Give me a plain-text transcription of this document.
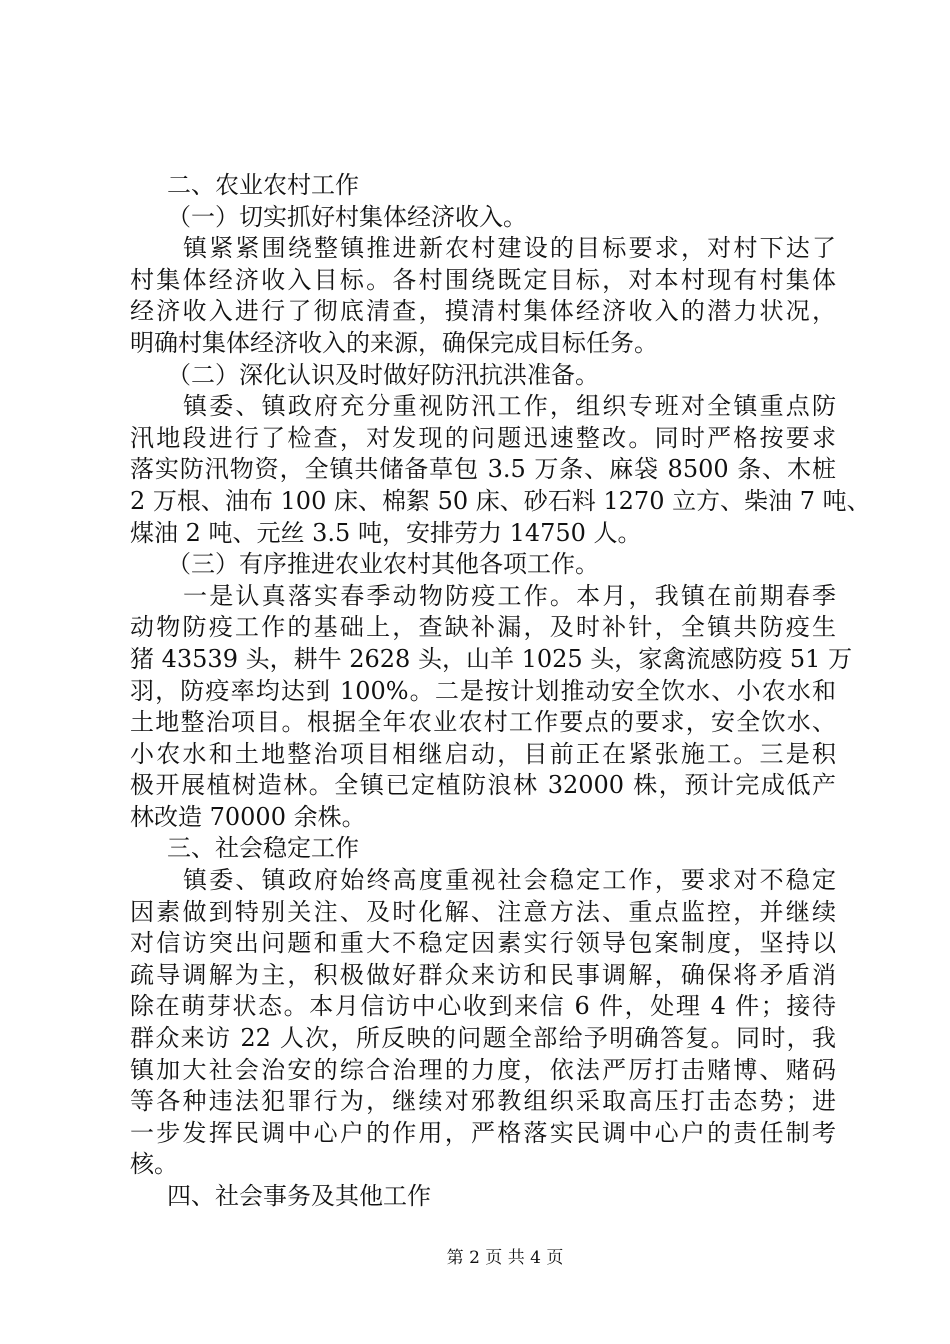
二、农业农村工作
（一）切实抓好村集体经济收入。
镇紧紧围绕整镇推进新农村建设的目标要求，对村下达了
村集体经济收入目标。各村围绕既定目标，对本村现有村集体
经济收入进行了彻底清查，摸清村集体经济收入的潜力状况，
明确村集体经济收入的来源，确保完成目标任务。
（二）深化认识及时做好防汛抗洪准备。
镇委、镇政府充分重视防汛工作，组织专班对全镇重点防
汛地段进行了检查，对发现的问题迅速整改。同时严格按要求
落实防汛物资，全镇共储备草包 3.5 万条、麻袋 8500 条、木桩
2 万根、油布 100 床、棉絮 50 床、砂石料 1270 立方、柴油 7 吨、
煤油 2 吨、元丝 3.5 吨，安排劳力 14750 人。
（三）有序推进农业农村其他各项工作。
一是认真落实春季动物防疫工作。本月，我镇在前期春季
动物防疫工作的基础上，查缺补漏，及时补针，全镇共防疫生
猪 43539 头，耕牛 2628 头，山羊 1025 头，家禽流感防疫 51 万
羽，防疫率均达到 100%。二是按计划推动安全饮水、小农水和
土地整治项目。根据全年农业农村工作要点的要求，安全饮水、
小农水和土地整治项目相继启动，目前正在紧张施工。三是积
极开展植树造林。全镇已定植防浪林 32000 株，预计完成低产
林改造 70000 余株。
三、社会稳定工作
镇委、镇政府始终高度重视社会稳定工作，要求对不稳定
因素做到特别关注、及时化解、注意方法、重点监控，并继续
对信访突出问题和重大不稳定因素实行领导包案制度，坚持以
疏导调解为主，积极做好群众来访和民事调解，确保将矛盾消
除在萌芽状态。本月信访中心收到来信 6 件，处理 4 件；接待
群众来访 22 人次，所反映的问题全部给予明确答复。同时，我
镇加大社会治安的综合治理的力度，依法严厉打击赌博、赌码
等各种违法犯罪行为，继续对邪教组织采取高压打击态势；进
一步发挥民调中心户的作用，严格落实民调中心户的责任制考
核。
四、社会事务及其他工作
第 2 页 共 4 页
